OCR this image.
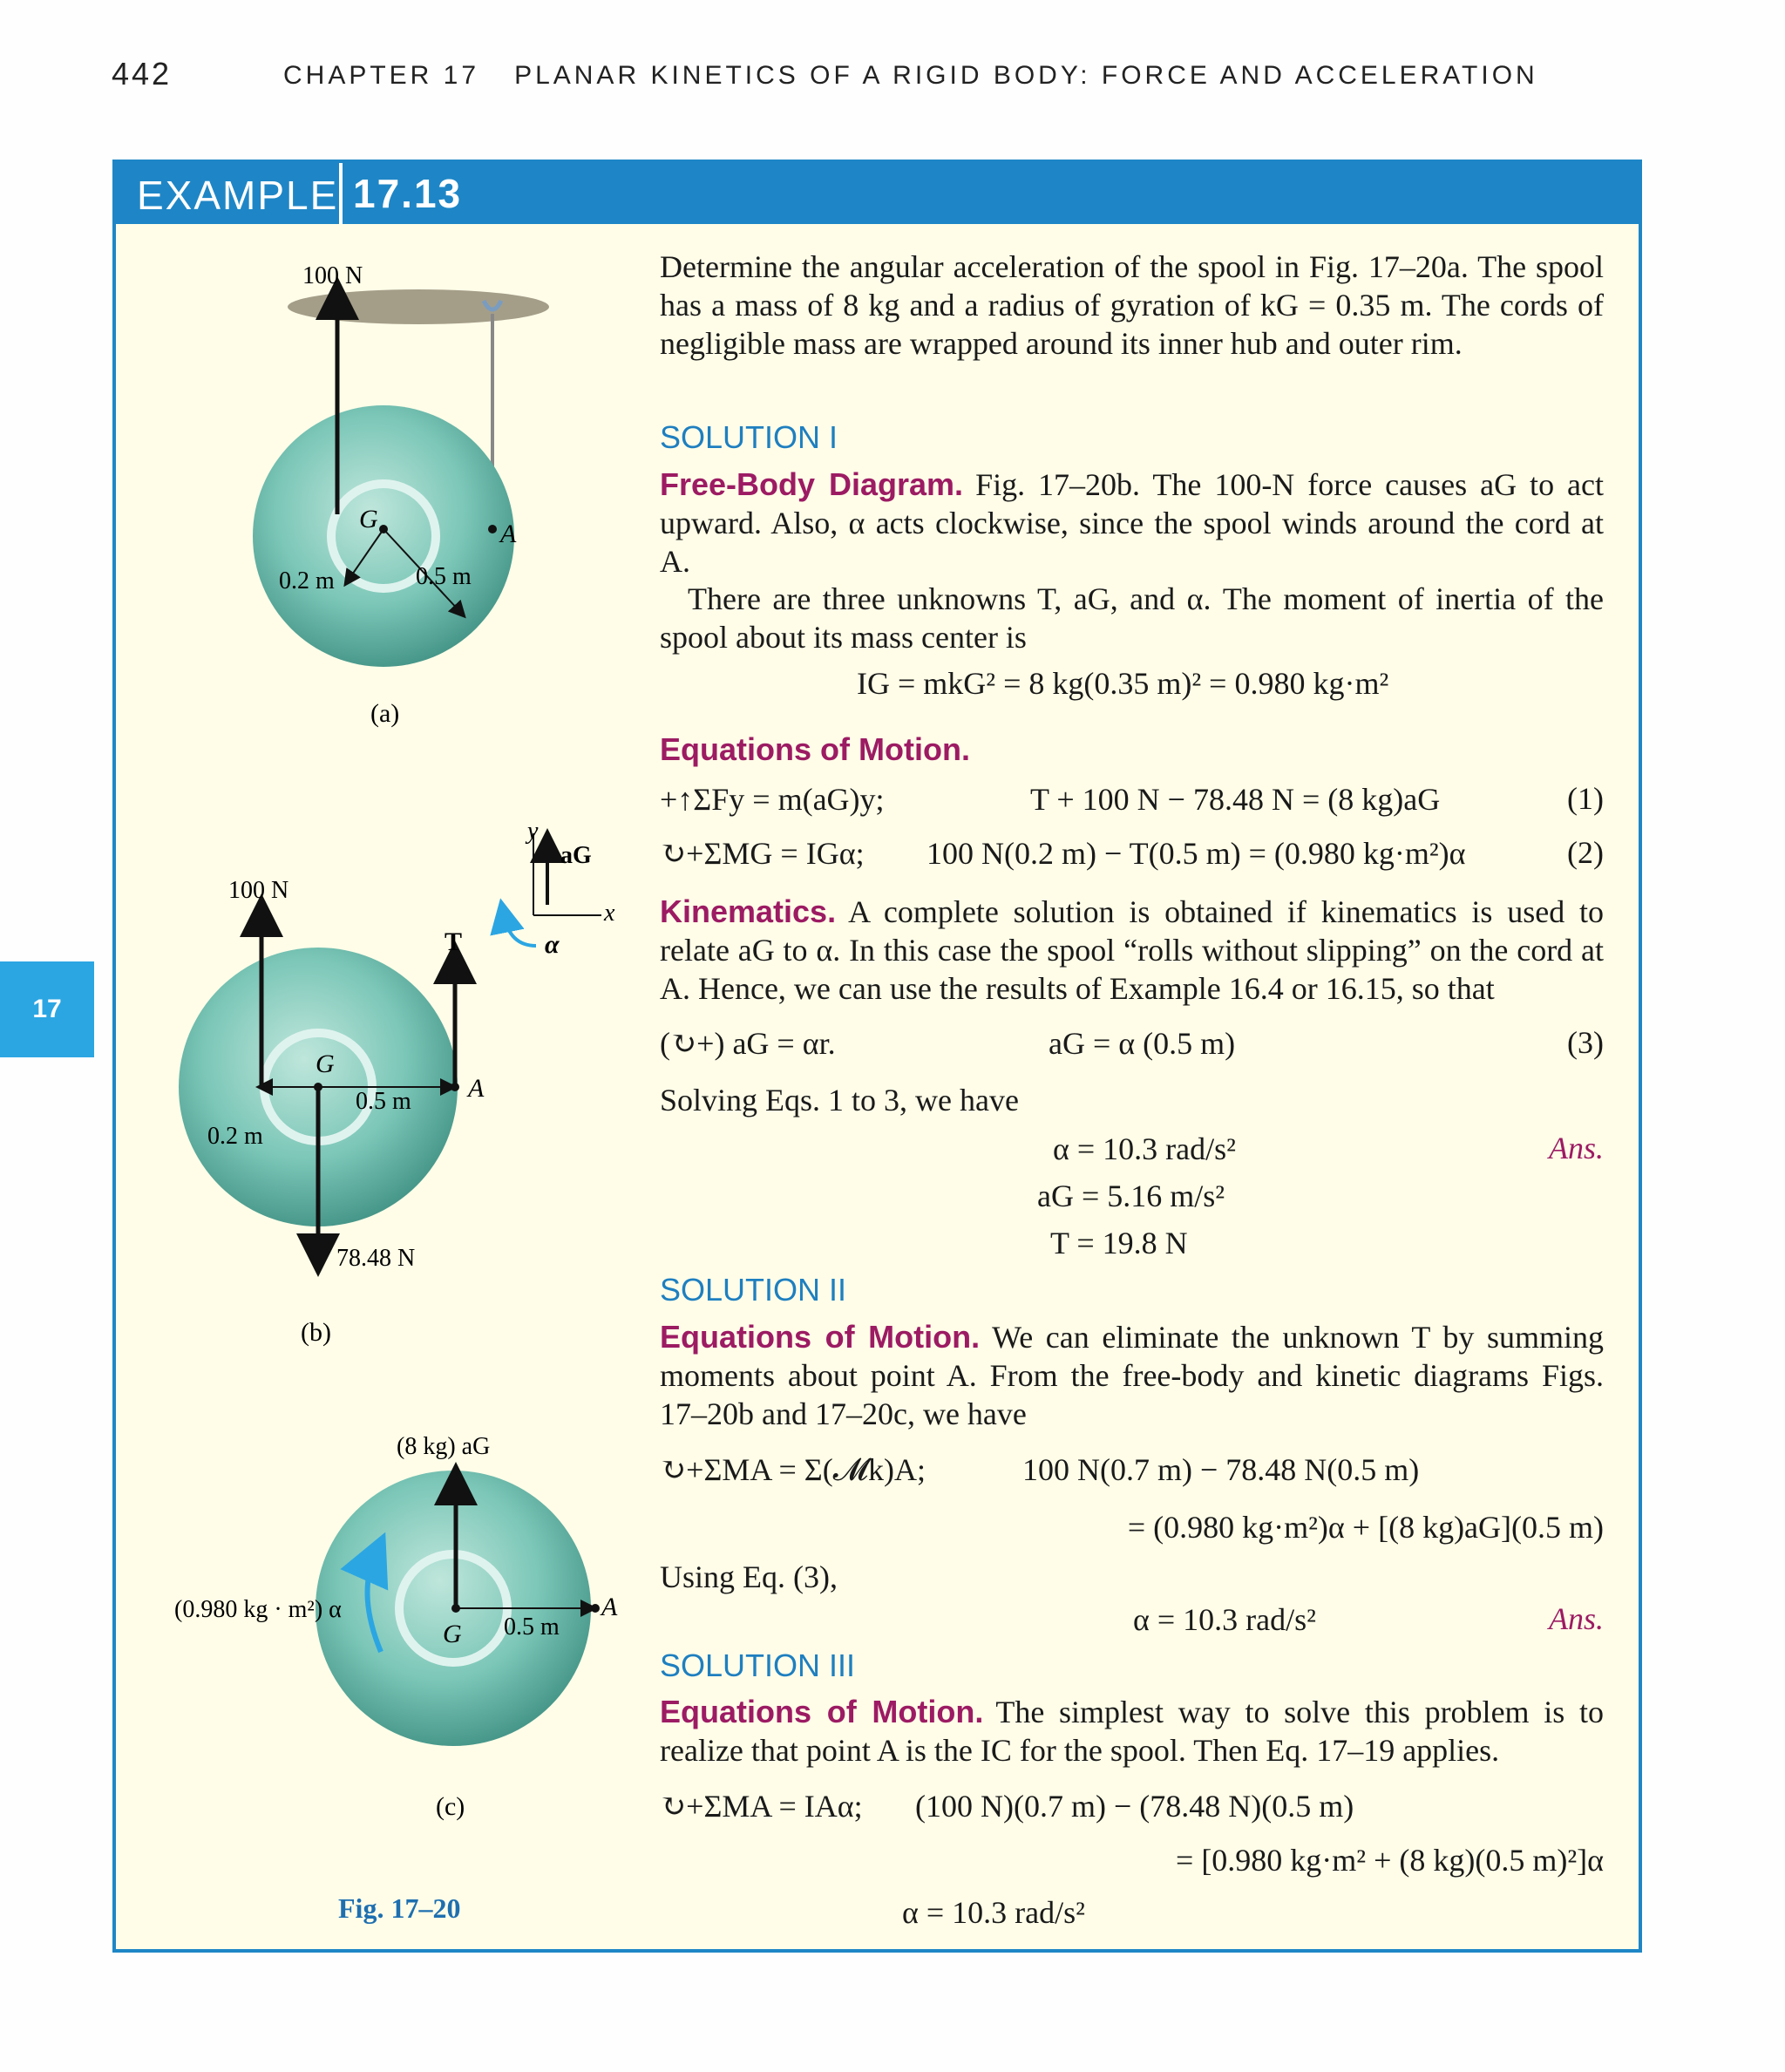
442	CHAPTER 17 PLANAR KINETICS OF A RIGID BODY: FORCE AND ACCELERATION
17
EXAMPLE 17.13
100 N
G
A
0.2 m	0.5 m
(a)
100 N
T
G
A
0.5 m
0.2 m
78.48 N
y
x
aG
α
(b)
(8 kg) aG
(0.980 kg · m²) α
G
A
0.5 m
(c)
Fig. 17–20
Determine the angular acceleration of the spool in Fig. 17–20a. The spool has a mass of 8 kg and a radius of gyration of kG = 0.35 m. The cords of negligible mass are wrapped around its inner hub and outer rim.
SOLUTION I
Free-Body Diagram. Fig. 17–20b. The 100-N force causes aG to act upward. Also, α acts clockwise, since the spool winds around the cord at A.
There are three unknowns T, aG, and α. The moment of inertia of the spool about its mass center is
IG = mkG² = 8 kg(0.35 m)² = 0.980 kg·m²
Equations of Motion.
+↑ΣFy = m(aG)y;	T + 100 N − 78.48 N = (8 kg)aG	(1)
↻+ΣMG = IGα; 100 N(0.2 m) − T(0.5 m) = (0.980 kg·m²)α	(2)
Kinematics. A complete solution is obtained if kinematics is used to relate aG to α. In this case the spool “rolls without slipping” on the cord at A. Hence, we can use the results of Example 16.4 or 16.15, so that
(↻+) aG = αr.	aG = α (0.5 m)	(3)
Solving Eqs. 1 to 3, we have
α = 10.3 rad/s²	Ans.
aG = 5.16 m/s²
T = 19.8 N
SOLUTION II
Equations of Motion. We can eliminate the unknown T by summing moments about point A. From the free-body and kinetic diagrams Figs. 17–20b and 17–20c, we have
↻+ΣMA = Σ(𝓜k)A;	100 N(0.7 m) − 78.48 N(0.5 m)
= (0.980 kg·m²)α + [(8 kg)aG](0.5 m)
Using Eq. (3),
α = 10.3 rad/s²	Ans.
SOLUTION III
Equations of Motion. The simplest way to solve this problem is to realize that point A is the IC for the spool. Then Eq. 17–19 applies.
↻+ΣMA = IAα; (100 N)(0.7 m) − (78.48 N)(0.5 m)
= [0.980 kg·m² + (8 kg)(0.5 m)²]α
α = 10.3 rad/s²
